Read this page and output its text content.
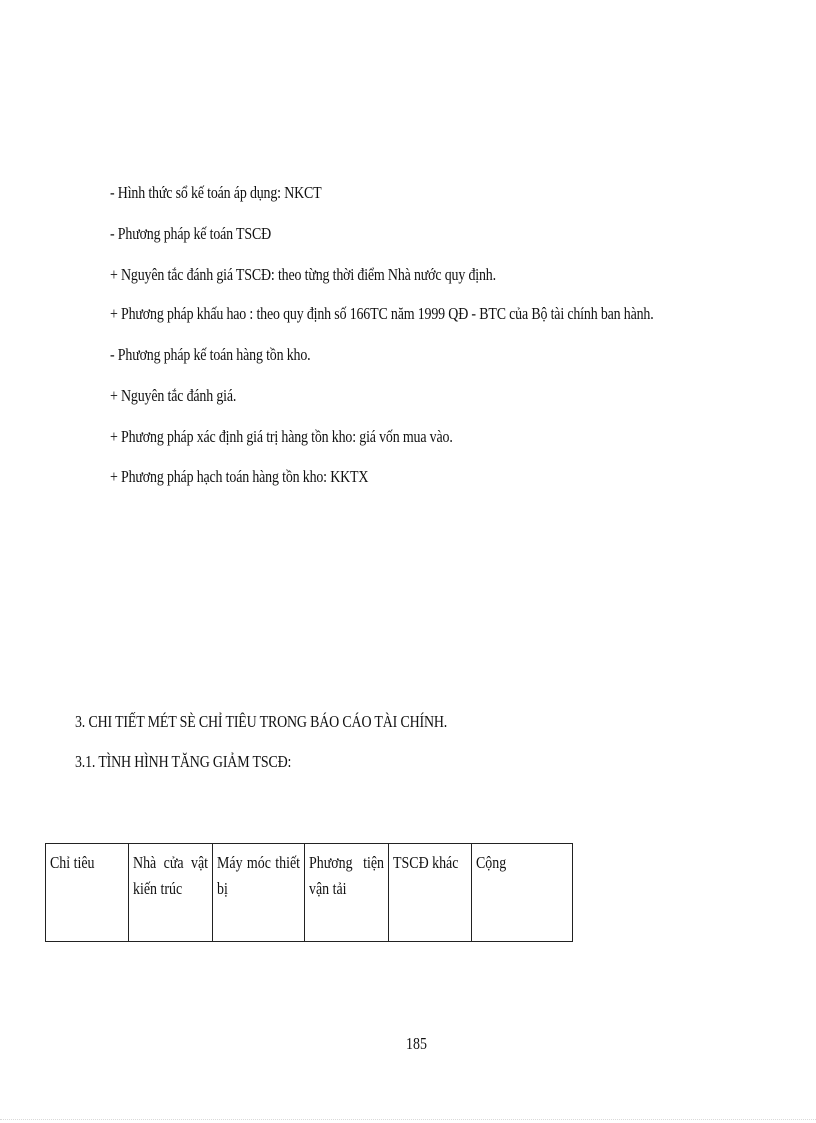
- Hình thức sổ kế toán áp dụng: NKCT
- Phương pháp kế toán TSCĐ
+ Nguyên tắc đánh giá TSCĐ: theo từng thời điểm Nhà nước quy định.
+ Phương pháp khấu hao : theo quy định số 166TC năm 1999 QĐ - BTC của Bộ tài chính ban hành.
- Phương pháp kế toán hàng tồn kho.
+ Nguyên tắc đánh giá.
+ Phương pháp xác định giá trị hàng tồn kho: giá vốn mua vào.
+ Phương pháp hạch toán hàng tồn kho: KKTX
3. CHI TIẾT MÉT SÈ CHỈ TIÊU TRONG BÁO CÁO TÀI CHÍNH.
3.1. TÌNH HÌNH TĂNG GIẢM TSCĐ:
Chỉ tiêu	Nhà cửa vật kiến trúc	Máy móc thiết bị	Phương tiện vận tải	TSCĐ khác	Cộng
185
